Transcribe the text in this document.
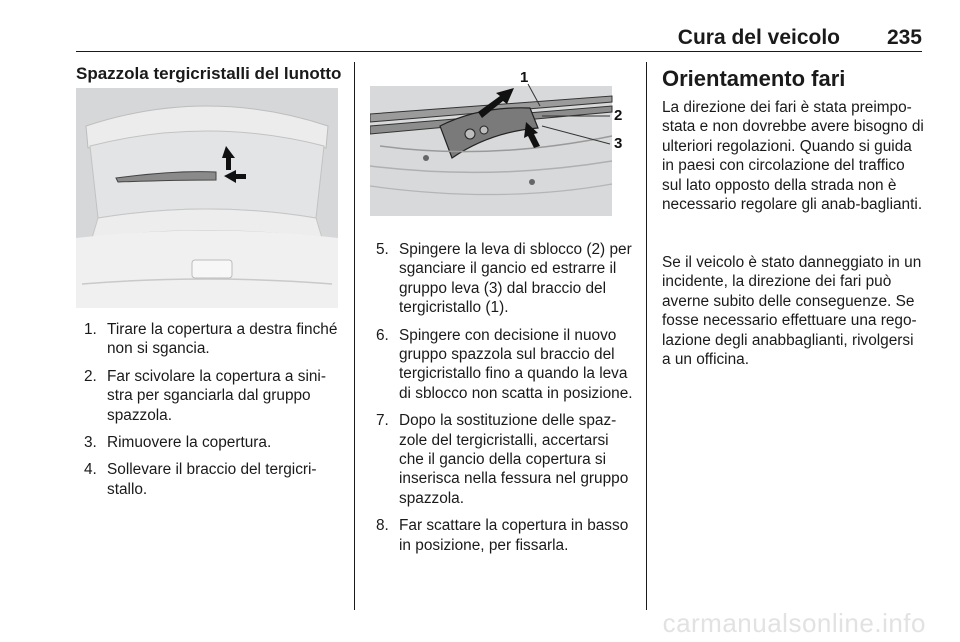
Cura del veicolo 235
Spazzola tergicristalli del lunotto
1. Tirare la copertura a destra finché non si sgancia.
2. Far scivolare la copertura a sini-stra per sganciarla dal gruppo spazzola.
3. Rimuovere la copertura.
4. Sollevare il braccio del tergicri-stallo.
1
2
3
5. Spingere la leva di sblocco (2) per sganciare il gancio ed estrarre il gruppo leva (3) dal braccio del tergicristallo (1).
6. Spingere con decisione il nuovo gruppo spazzola sul braccio del tergicristallo fino a quando la leva di sblocco non scatta in posizione.
7. Dopo la sostituzione delle spaz-zole del tergicristalli, accertarsi che il gancio della copertura si inserisca nella fessura nel gruppo spazzola.
8. Far scattare la copertura in basso in posizione, per fissarla.
Orientamento fari

La direzione dei fari è stata preimpo-stata e non dovrebbe avere bisogno di ulteriori regolazioni. Quando si guida in paesi con circolazione del traffico sul lato opposto della strada non è necessario regolare gli anab-baglianti.

Se il veicolo è stato danneggiato in un incidente, la direzione dei fari può averne subito delle conseguenze. Se fosse necessario effettuare una rego-lazione degli anabbaglianti, rivolgersi a un officina.

carmanualsonline.info
